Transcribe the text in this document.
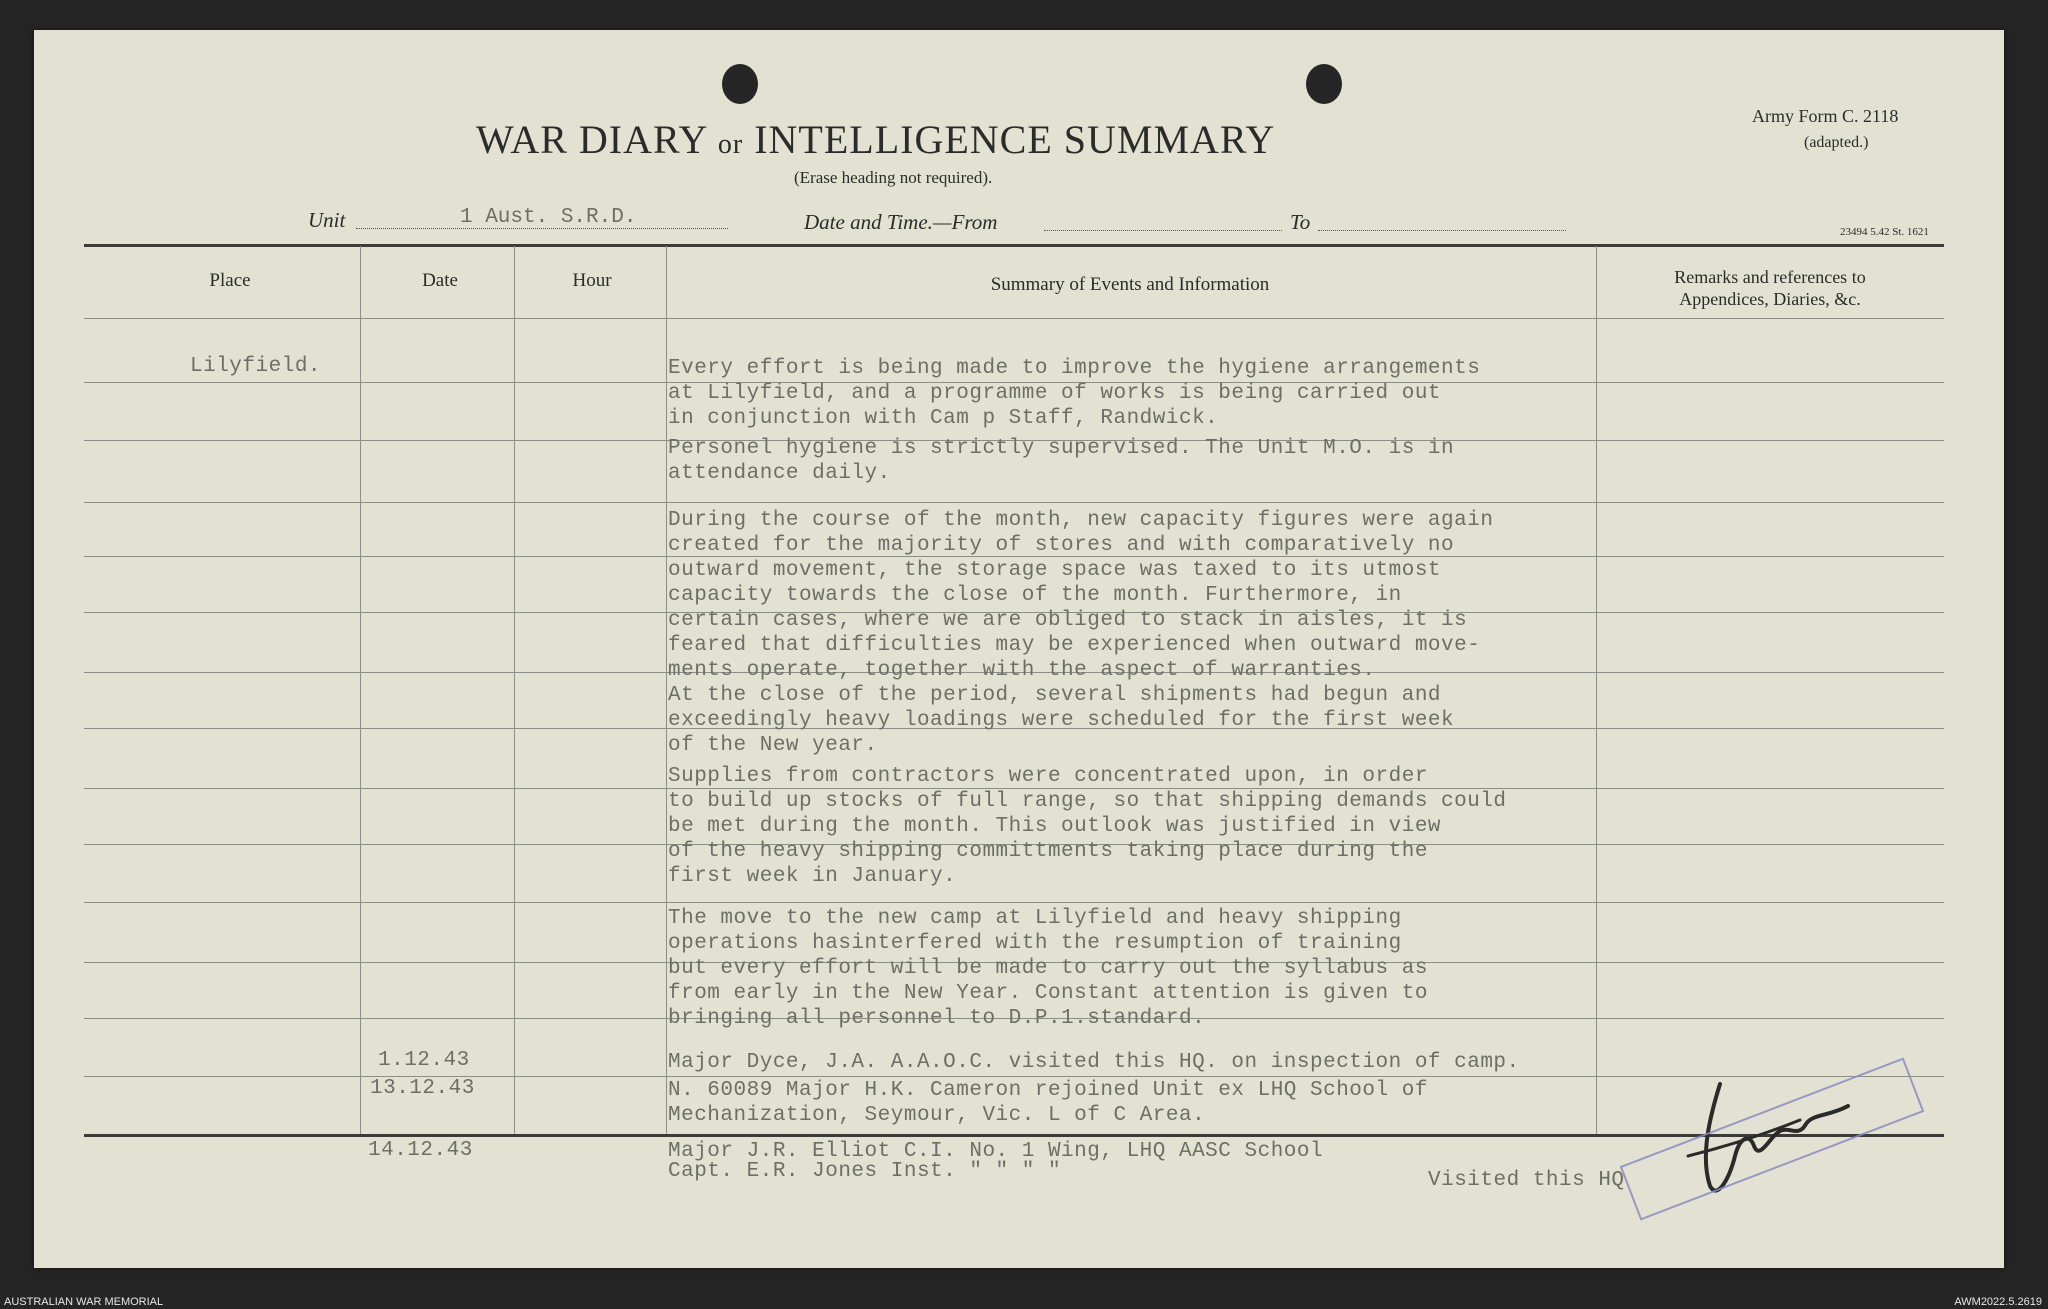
WAR DIARY or INTELLIGENCE SUMMARY
(Erase heading not required).
Army Form C. 2118
(adapted.)
23494 5.42 St. 1621
Unit	1 Aust. S.R.D.	Date and Time.—From	To
Place	Date	Hour	Summary of Events and Information	Remarks and references to
Appendices, Diaries, &c.
Lilyfield.	Every effort is being made to improve the hygiene arrangements
at Lilyfield, and a programme of works is being carried out
in conjunction with Cam p Staff, Randwick.
Personel hygiene is strictly supervised. The Unit M.O. is in
attendance daily.
During the course of the month, new capacity figures were again
created for the majority of stores and with comparatively no
outward movement, the storage space was taxed to its utmost
capacity towards the close of the month. Furthermore, in
certain cases, where we are obliged to stack in aisles, it is
feared that difficulties may be experienced when outward move-
ments operate, together with the aspect of warranties.
At the close of the period, several shipments had begun and
exceedingly heavy loadings were scheduled for the first week
of the New year.
Supplies from contractors were concentrated upon, in order
to build up stocks of full range, so that shipping demands could
be met during the month. This outlook was justified in view
of the heavy shipping committments taking place during the
first week in January.
The move to the new camp at Lilyfield and heavy shipping
operations hasinterfered with the resumption of training
but every effort will be made to carry out the syllabus as
from early in the New Year. Constant attention is given to
bringing all personnel to D.P.1.standard.
1.12.43	Major Dyce, J.A. A.A.O.C. visited this HQ. on inspection of camp.
13.12.43	N. 60089 Major H.K. Cameron rejoined Unit ex LHQ School of
Mechanization, Seymour, Vic. L of C Area.
14.12.43	Major J.R. Elliot C.I. No. 1 Wing, LHQ AASC School
Capt. E.R. Jones Inst. " " " "	Visited this HQ
AUSTRALIAN WAR MEMORIAL	AWM2022.5.2619
